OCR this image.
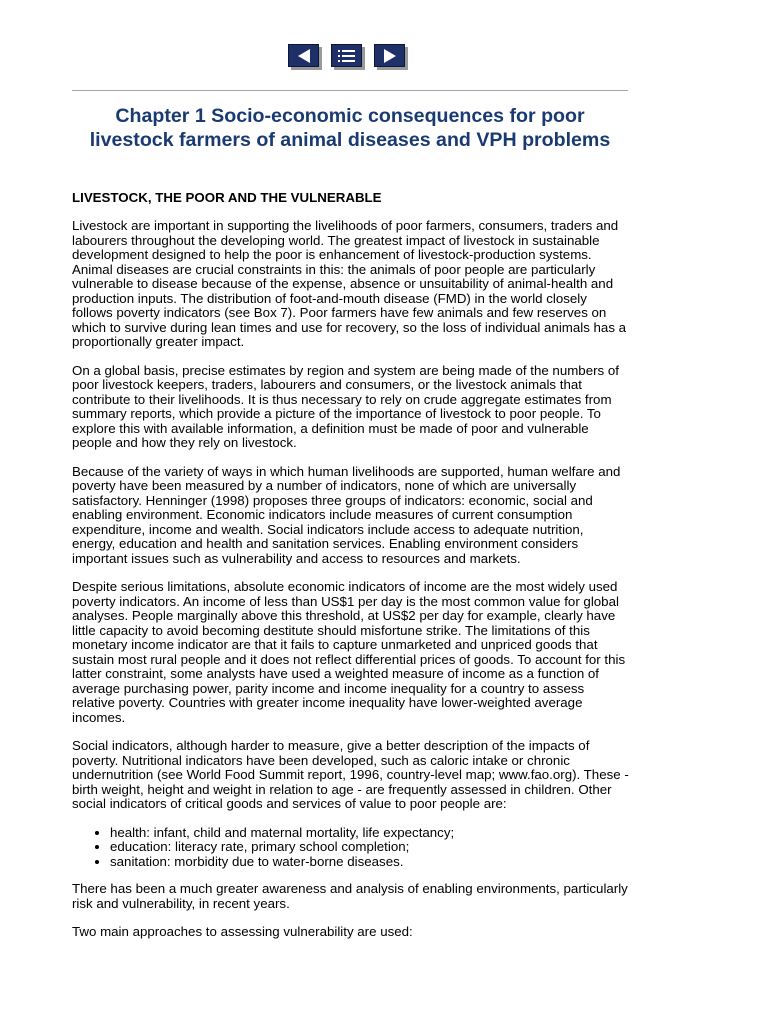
Chapter 1 Socio-economic consequences for poor
livestock farmers of animal diseases and VPH problems
LIVESTOCK, THE POOR AND THE VULNERABLE

Livestock are important in supporting the livelihoods of poor farmers, consumers, traders and labourers throughout the developing world. The greatest impact of livestock in sustainable development designed to help the poor is enhancement of livestock-production systems. Animal diseases are crucial constraints in this: the animals of poor people are particularly vulnerable to disease because of the expense, absence or unsuitability of animal-health and production inputs. The distribution of foot-and-mouth disease (FMD) in the world closely follows poverty indicators (see Box 7). Poor farmers have few animals and few reserves on which to survive during lean times and use for recovery, so the loss of individual animals has a proportionally greater impact.

On a global basis, precise estimates by region and system are being made of the numbers of poor livestock keepers, traders, labourers and consumers, or the livestock animals that contribute to their livelihoods. It is thus necessary to rely on crude aggregate estimates from summary reports, which provide a picture of the importance of livestock to poor people. To explore this with available information, a definition must be made of poor and vulnerable people and how they rely on livestock.

Because of the variety of ways in which human livelihoods are supported, human welfare and poverty have been measured by a number of indicators, none of which are universally satisfactory. Henninger (1998) proposes three groups of indicators: economic, social and enabling environment. Economic indicators include measures of current consumption expenditure, income and wealth. Social indicators include access to adequate nutrition, energy, education and health and sanitation services. Enabling environment considers important issues such as vulnerability and access to resources and markets.

Despite serious limitations, absolute economic indicators of income are the most widely used poverty indicators. An income of less than US$1 per day is the most common value for global analyses. People marginally above this threshold, at US$2 per day for example, clearly have little capacity to avoid becoming destitute should misfortune strike. The limitations of this monetary income indicator are that it fails to capture unmarketed and unpriced goods that sustain most rural people and it does not reflect differential prices of goods. To account for this latter constraint, some analysts have used a weighted measure of income as a function of average purchasing power, parity income and income inequality for a country to assess relative poverty. Countries with greater income inequality have lower-weighted average incomes.

Social indicators, although harder to measure, give a better description of the impacts of poverty. Nutritional indicators have been developed, such as caloric intake or chronic undernutrition (see World Food Summit report, 1996, country-level map; www.fao.org). These - birth weight, height and weight in relation to age - are frequently assessed in children. Other social indicators of critical goods and services of value to poor people are:

• health: infant, child and maternal mortality, life expectancy;
• education: literacy rate, primary school completion;
• sanitation: morbidity due to water-borne diseases.

There has been a much greater awareness and analysis of enabling environments, particularly risk and vulnerability, in recent years.

Two main approaches to assessing vulnerability are used:
